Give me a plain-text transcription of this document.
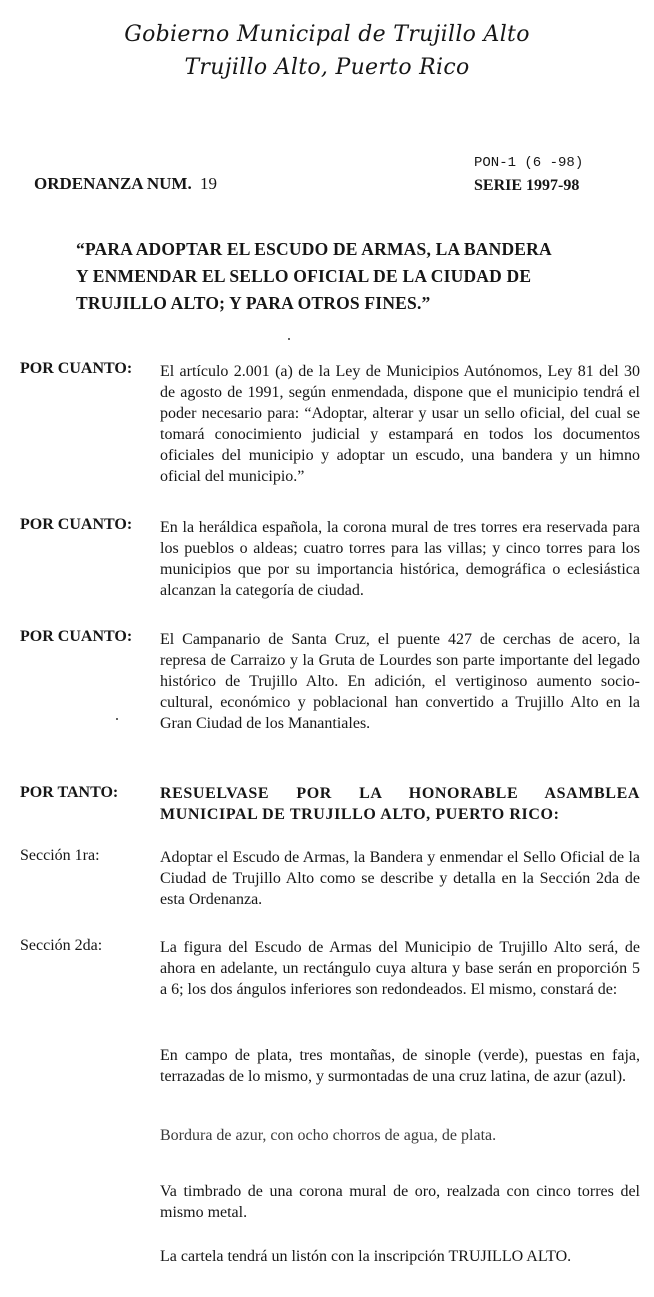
Gobierno Municipal de Trujillo Alto
Trujillo Alto, Puerto Rico
PON-1 (6 -98)
ORDENANZA NUM. 19	SERIE 1997-98
“PARA ADOPTAR EL ESCUDO DE ARMAS, LA BANDERA
Y ENMENDAR EL SELLO OFICIAL DE LA CIUDAD DE
TRUJILLO ALTO; Y PARA OTROS FINES.”
POR CUANTO: El artículo 2.001 (a) de la Ley de Municipios Autónomos, Ley 81 del 30 de agosto de 1991, según enmendada, dispone que el municipio tendrá el poder necesario para: “Adoptar, alterar y usar un sello oficial, del cual se tomará conocimiento judicial y estampará en todos los documentos oficiales del municipio y adoptar un escudo, una bandera y un himno oficial del municipio.”
POR CUANTO: En la heráldica española, la corona mural de tres torres era reservada para los pueblos o aldeas; cuatro torres para las villas; y cinco torres para los municipios que por su importancia histórica, demográfica o eclesiástica alcanzan la categoría de ciudad.
POR CUANTO: El Campanario de Santa Cruz, el puente 427 de cerchas de acero, la represa de Carraizo y la Gruta de Lourdes son parte importante del legado histórico de Trujillo Alto. En adición, el vertiginoso aumento socio-cultural, económico y poblacional han convertido a Trujillo Alto en la Gran Ciudad de los Manantiales.
POR TANTO:	RESUELVASE POR LA HONORABLE ASAMBLEA MUNICIPAL DE TRUJILLO ALTO, PUERTO RICO:
Sección 1ra:	Adoptar el Escudo de Armas, la Bandera y enmendar el Sello Oficial de la Ciudad de Trujillo Alto como se describe y detalla en la Sección 2da de esta Ordenanza.
Sección 2da:	La figura del Escudo de Armas del Municipio de Trujillo Alto será, de ahora en adelante, un rectángulo cuya altura y base serán en proporción 5 a 6; los dos ángulos inferiores son redondeados. El mismo, constará de:
En campo de plata, tres montañas, de sinople (verde), puestas en faja, terrazadas de lo mismo, y surmontadas de una cruz latina, de azur (azul).
Bordura de azur, con ocho chorros de agua, de plata.
Va timbrado de una corona mural de oro, realzada con cinco torres del mismo metal.
La cartela tendrá un listón con la inscripción TRUJILLO ALTO.
